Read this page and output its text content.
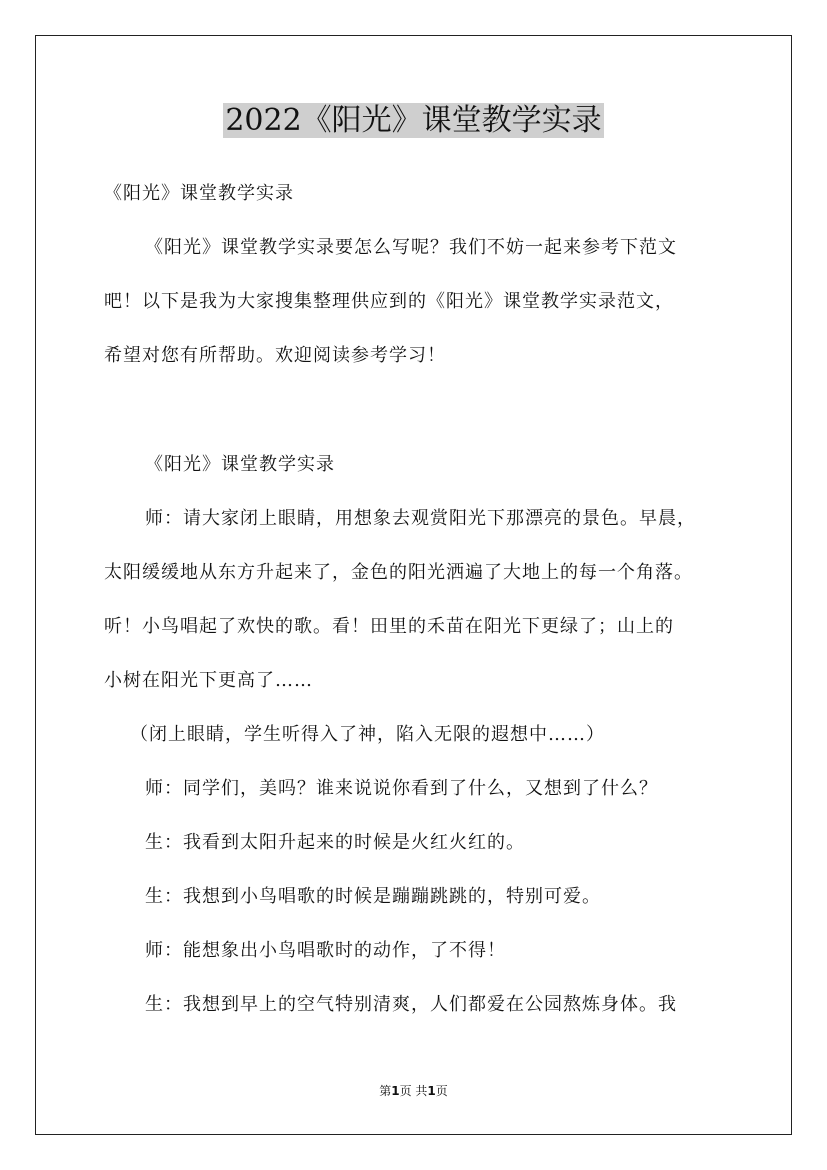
2022《阳光》课堂教学实录

《阳光》课堂教学实录

《阳光》课堂教学实录要怎么写呢？我们不妨一起来参考下范文

吧！以下是我为大家搜集整理供应到的《阳光》课堂教学实录范文，

希望对您有所帮助。欢迎阅读参考学习！

《阳光》课堂教学实录

师：请大家闭上眼睛，用想象去观赏阳光下那漂亮的景色。早晨，

太阳缓缓地从东方升起来了，金色的阳光洒遍了大地上的每一个角落。

听！小鸟唱起了欢快的歌。看！田里的禾苗在阳光下更绿了；山上的

小树在阳光下更高了……

（闭上眼睛，学生听得入了神，陷入无限的遐想中……）

师：同学们，美吗？谁来说说你看到了什么，又想到了什么？

生：我看到太阳升起来的时候是火红火红的。

生：我想到小鸟唱歌的时候是蹦蹦跳跳的，特别可爱。

师：能想象出小鸟唱歌时的动作，了不得！

生：我想到早上的空气特别清爽，人们都爱在公园熬炼身体。我

第1页 共1页
